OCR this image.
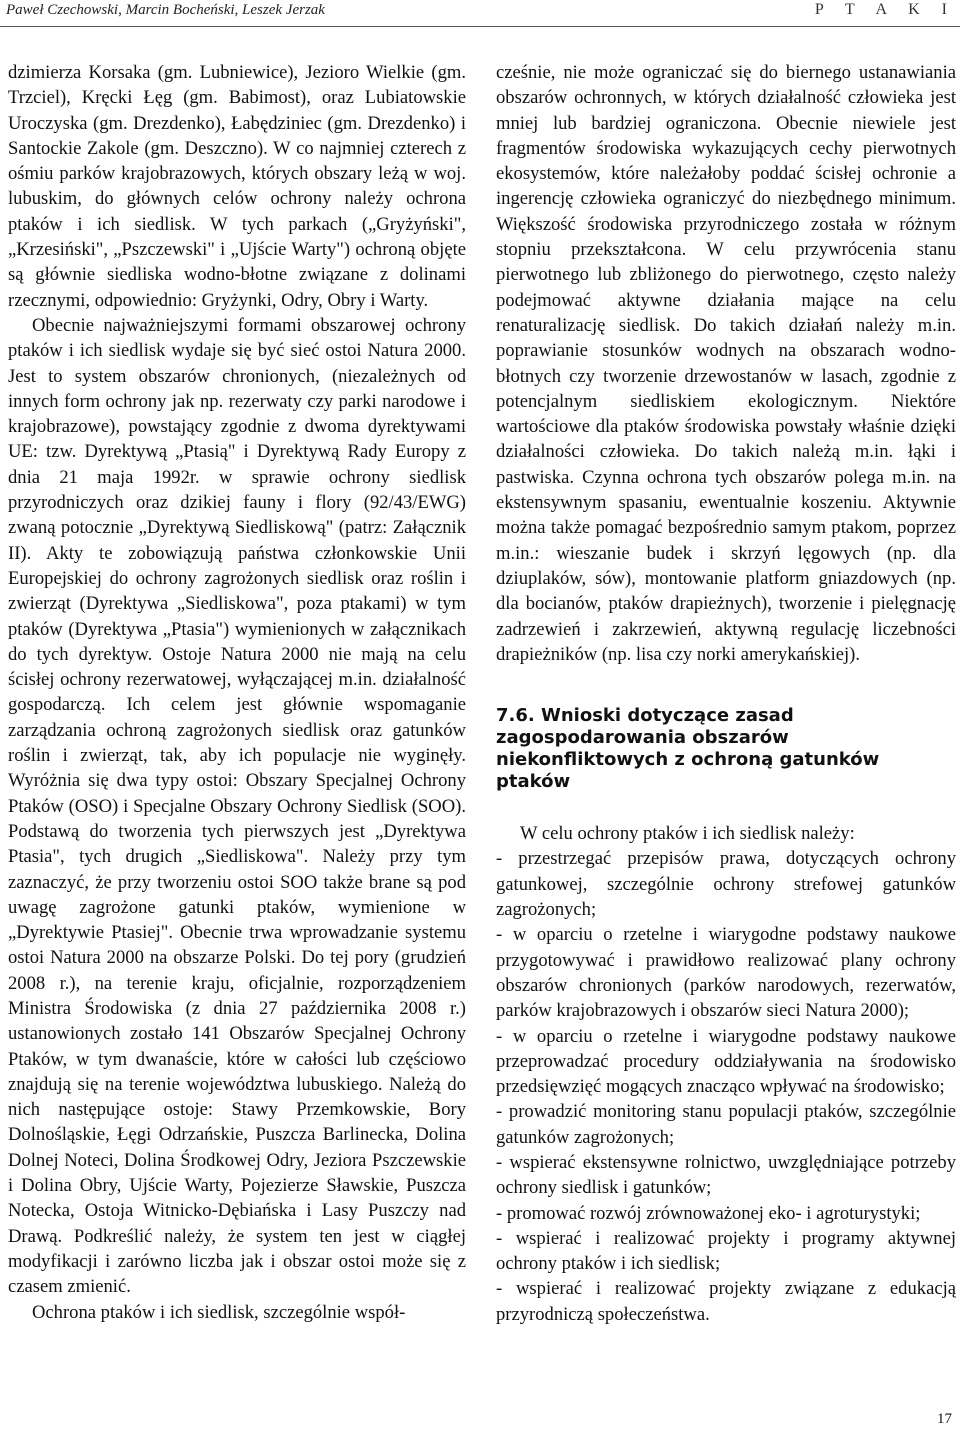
Paweł Czechowski, Marcin Bocheński, Leszek Jerzak	P T A K I

dzimierza Korsaka (gm. Lubniewice), Jezioro Wielkie (gm. Trzciel), Kręcki Łęg (gm. Babimost), oraz Lubiatowskie Uroczyska (gm. Drezdenko), Łabędziniec (gm. Drezdenko) i Santockie Zakole (gm. Deszczno). W co najmniej czterech z ośmiu parków krajobrazowych, których obszary leżą w woj. lubuskim, do głównych celów ochrony należy ochrona ptaków i ich siedlisk. W tych parkach („Gryżyński", „Krzesiński", „Pszczewski" i „Ujście Warty") ochroną objęte są głównie siedliska wodno-błotne związane z dolinami rzecznymi, odpowiednio: Gryżynki, Odry, Obry i Warty.

Obecnie najważniejszymi formami obszarowej ochrony ptaków i ich siedlisk wydaje się być sieć ostoi Natura 2000. Jest to system obszarów chronionych, (niezależnych od innych form ochrony jak np. rezerwaty czy parki narodowe i krajobrazowe), powstający zgodnie z dwoma dyrektywami UE: tzw. Dyrektywą „Ptasią" i Dyrektywą Rady Europy z dnia 21 maja 1992r. w sprawie ochrony siedlisk przyrodniczych oraz dzikiej fauny i flory (92/43/EWG) zwaną potocznie „Dyrektywą Siedliskową" (patrz: Załącznik II). Akty te zobowiązują państwa członkowskie Unii Europejskiej do ochrony zagrożonych siedlisk oraz roślin i zwierząt (Dyrektywa „Siedliskowa", poza ptakami) w tym ptaków (Dyrektywa „Ptasia") wymienionych w załącznikach do tych dyrektyw. Ostoje Natura 2000 nie mają na celu ścisłej ochrony rezerwatowej, wyłączającej m.in. działalność gospodarczą. Ich celem jest głównie wspomaganie zarządzania ochroną zagrożonych siedlisk oraz gatunków roślin i zwierząt, tak, aby ich populacje nie wyginęły. Wyróżnia się dwa typy ostoi: Obszary Specjalnej Ochrony Ptaków (OSO) i Specjalne Obszary Ochrony Siedlisk (SOO). Podstawą do tworzenia tych pierwszych jest „Dyrektywa Ptasia", tych drugich „Siedliskowa". Należy przy tym zaznaczyć, że przy tworzeniu ostoi SOO także brane są pod uwagę zagrożone gatunki ptaków, wymienione w „Dyrektywie Ptasiej". Obecnie trwa wprowadzanie systemu ostoi Natura 2000 na obszarze Polski. Do tej pory (grudzień 2008 r.), na terenie kraju, oficjalnie, rozporządzeniem Ministra Środowiska (z dnia 27 października 2008 r.) ustanowionych zostało 141 Obszarów Specjalnej Ochrony Ptaków, w tym dwanaście, które w całości lub częściowo znajdują się na terenie województwa lubuskiego. Należą do nich następujące ostoje: Stawy Przemkowskie, Bory Dolnośląskie, Łęgi Odrzańskie, Puszcza Barlinecka, Dolina Dolnej Noteci, Dolina Środkowej Odry, Jeziora Pszczewskie i Dolina Obry, Ujście Warty, Pojezierze Sławskie, Puszcza Notecka, Ostoja Witnicko-Dębiańska i Lasy Puszczy nad Drawą. Podkreślić należy, że system ten jest w ciągłej modyfikacji i zarówno liczba jak i obszar ostoi może się z czasem zmienić.

Ochrona ptaków i ich siedlisk, szczególnie współ-

cześnie, nie może ograniczać się do biernego ustanawiania obszarów ochronnych, w których działalność człowieka jest mniej lub bardziej ograniczona. Obecnie niewiele jest fragmentów środowiska wykazujących cechy pierwotnych ekosystemów, które należałoby poddać ścisłej ochronie a ingerencję człowieka ograniczyć do niezbędnego minimum. Większość środowiska przyrodniczego została w różnym stopniu przekształcona. W celu przywrócenia stanu pierwotnego lub zbliżonego do pierwotnego, często należy podejmować aktywne działania mające na celu renaturalizację siedlisk. Do takich działań należy m.in. poprawianie stosunków wodnych na obszarach wodno-błotnych czy tworzenie drzewostanów w lasach, zgodnie z potencjalnym siedliskiem ekologicznym. Niektóre wartościowe dla ptaków środowiska powstały właśnie dzięki działalności człowieka. Do takich należą m.in. łąki i pastwiska. Czynna ochrona tych obszarów polega m.in. na ekstensywnym spasaniu, ewentualnie koszeniu. Aktywnie można także pomagać bezpośrednio samym ptakom, poprzez m.in.: wieszanie budek i skrzyń lęgowych (np. dla dziuplaków, sów), montowanie platform gniazdowych (np. dla bocianów, ptaków drapieżnych), tworzenie i pielęgnację zadrzewień i zakrzewień, aktywną regulację liczebności drapieżników (np. lisa czy norki amerykańskiej).

7.6. Wnioski dotyczące zasad zagospodarowania obszarów niekonfliktowych z ochroną gatunków ptaków

W celu ochrony ptaków i ich siedlisk należy:

- przestrzegać przepisów prawa, dotyczących ochrony gatunkowej, szczególnie ochrony strefowej gatunków zagrożonych;

- w oparciu o rzetelne i wiarygodne podstawy naukowe przygotowywać i prawidłowo realizować plany ochrony obszarów chronionych (parków narodowych, rezerwatów, parków krajobrazowych i obszarów sieci Natura 2000);

- w oparciu o rzetelne i wiarygodne podstawy naukowe przeprowadzać procedury oddziaływania na środowisko przedsięwzięć mogących znacząco wpływać na środowisko;

- prowadzić monitoring stanu populacji ptaków, szczególnie gatunków zagrożonych;

- wspierać ekstensywne rolnictwo, uwzględniające potrzeby ochrony siedlisk i gatunków;

- promować rozwój zrównoważonej eko- i agroturystyki;

- wspierać i realizować projekty i programy aktywnej ochrony ptaków i ich siedlisk;

- wspierać i realizować projekty związane z edukacją przyrodniczą społeczeństwa.

17
